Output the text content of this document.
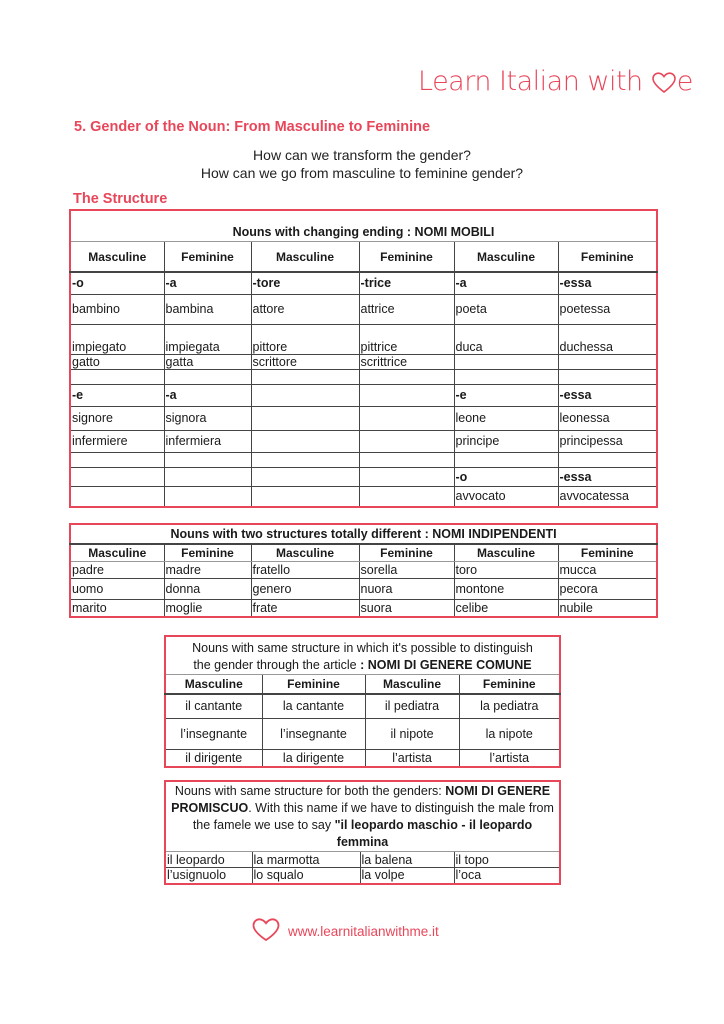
Learn Italian with e
5. Gender of the Noun: From Masculine to Feminine
How can we transform the gender?
How can we go from masculine to feminine gender?
The Structure
Nouns with changing ending : NOMI MOBILI					
Masculine	Feminine	Masculine	Feminine	Masculine	Feminine
-o	-a	-tore	-trice	-a	-essa
bambino	bambina	attore	attrice	poeta	poetessa
impiegato	impiegata	pittore	pittrice	duca	duchessa
gatto	gatta	scrittore	scrittrice		

-e	-a			-e	-essa
signore	signora			leone	leonessa
infermiere	infermiera			principe	principessa

				-o	-essa
				avvocato	avvocatessa
Nouns with two structures totally different : NOMI INDIPENDENTI					
Masculine	Feminine	Masculine	Feminine	Masculine	Feminine
padre	madre	fratello	sorella	toro	mucca
uomo	donna	genero	nuora	montone	pecora
marito	moglie	frate	suora	celibe	nubile
Nouns with same structure in which it's possible to distinguish
the gender through the article : NOMI DI GENERE COMUNE			

Masculine	Feminine	Masculine	Feminine
il cantante	la cantante	il pediatra	la pediatra
l’insegnante	l’insegnante	il nipote	la nipote
il dirigente	la dirigente	l’artista	l’artista
Nouns with same structure for both the genders: NOMI DI GENERE PROMISCUO. With this name if we have to distinguish the male from the famele we use to say "il leopardo maschio - il leopardo femmina			
il leopardo	la marmotta	la balena	il topo
l’usignuolo	lo squalo	la volpe	l’oca
www.learnitalianwithme.it
